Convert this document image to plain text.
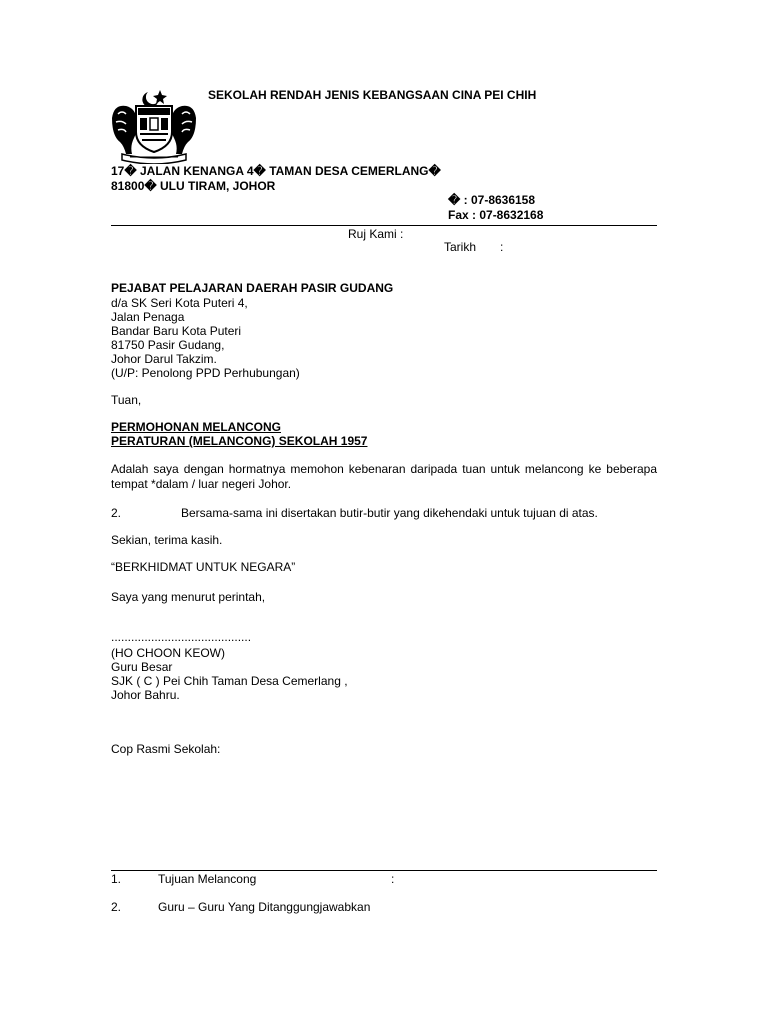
SEKOLAH RENDAH JENIS KEBANGSAAN CINA PEI CHIH
17� JALAN KENANGA 4� TAMAN DESA CEMERLANG�
81800� ULU TIRAM, JOHOR
� : 07-8636158
Fax : 07-8632168
Ruj Kami :
Tarikh :
PEJABAT PELAJARAN DAERAH PASIR GUDANG
d/a SK Seri Kota Puteri 4,
Jalan Penaga
Bandar Baru Kota Puteri
81750 Pasir Gudang,
Johor Darul Takzim.
(U/P: Penolong PPD Perhubungan)
Tuan,
PERMOHONAN MELANCONG
PERATURAN (MELANCONG) SEKOLAH 1957
Adalah saya dengan hormatnya memohon kebenaran daripada tuan untuk melancong ke beberapa tempat *dalam / luar negeri Johor.
2.	Bersama-sama ini disertakan butir-butir yang dikehendaki untuk tujuan di atas.
Sekian, terima kasih.
“BERKHIDMAT UNTUK NEGARA”
Saya yang menurut perintah,
..........................................
(HO CHOON KEOW)
Guru Besar
SJK ( C ) Pei Chih Taman Desa Cemerlang ,
Johor Bahru.
Cop Rasmi Sekolah:
1.	Tujuan Melancong	:
2.	Guru – Guru Yang Ditanggungjawabkan
